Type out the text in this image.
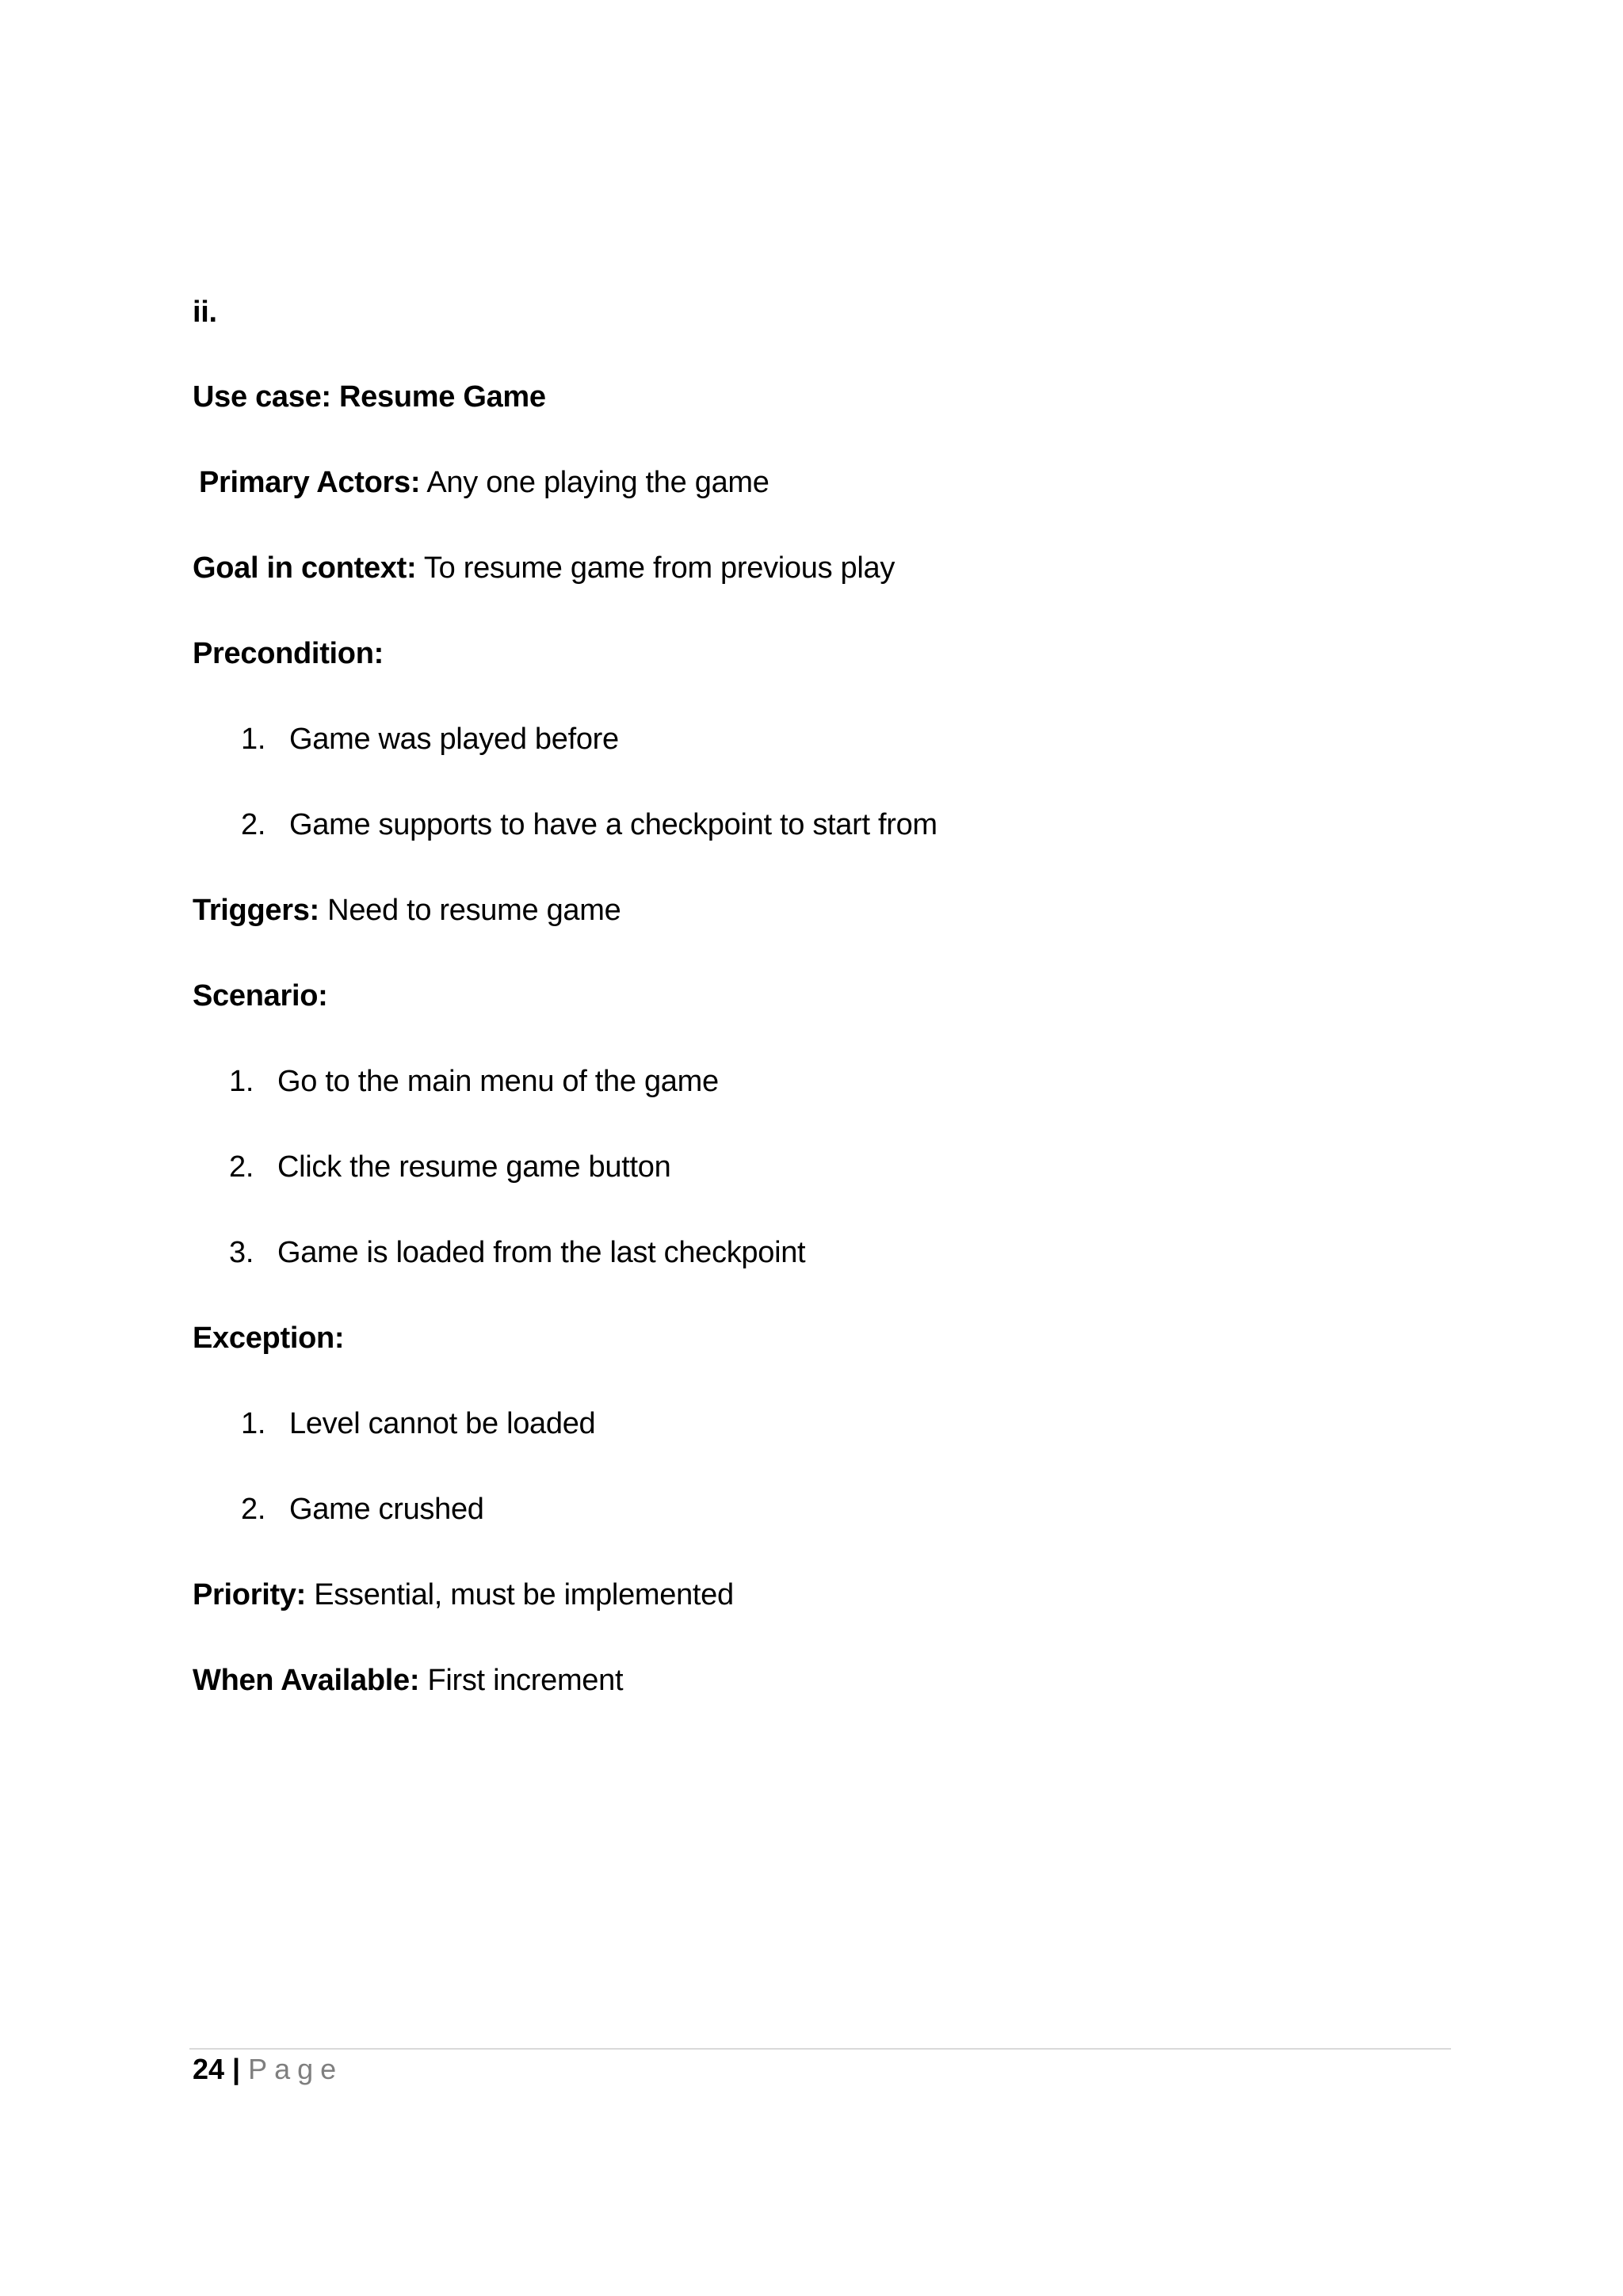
ii.
Use case: Resume Game
Primary Actors: Any one playing the game
Goal in context: To resume game from previous play
Precondition:
1. Game was played before
2. Game supports to have a checkpoint to start from
Triggers: Need to resume game
Scenario:
1. Go to the main menu of the game
2. Click the resume game button
3. Game is loaded from the last checkpoint
Exception:
1. Level cannot be loaded
2. Game crushed
Priority: Essential, must be implemented
When Available: First increment
24 | Page
